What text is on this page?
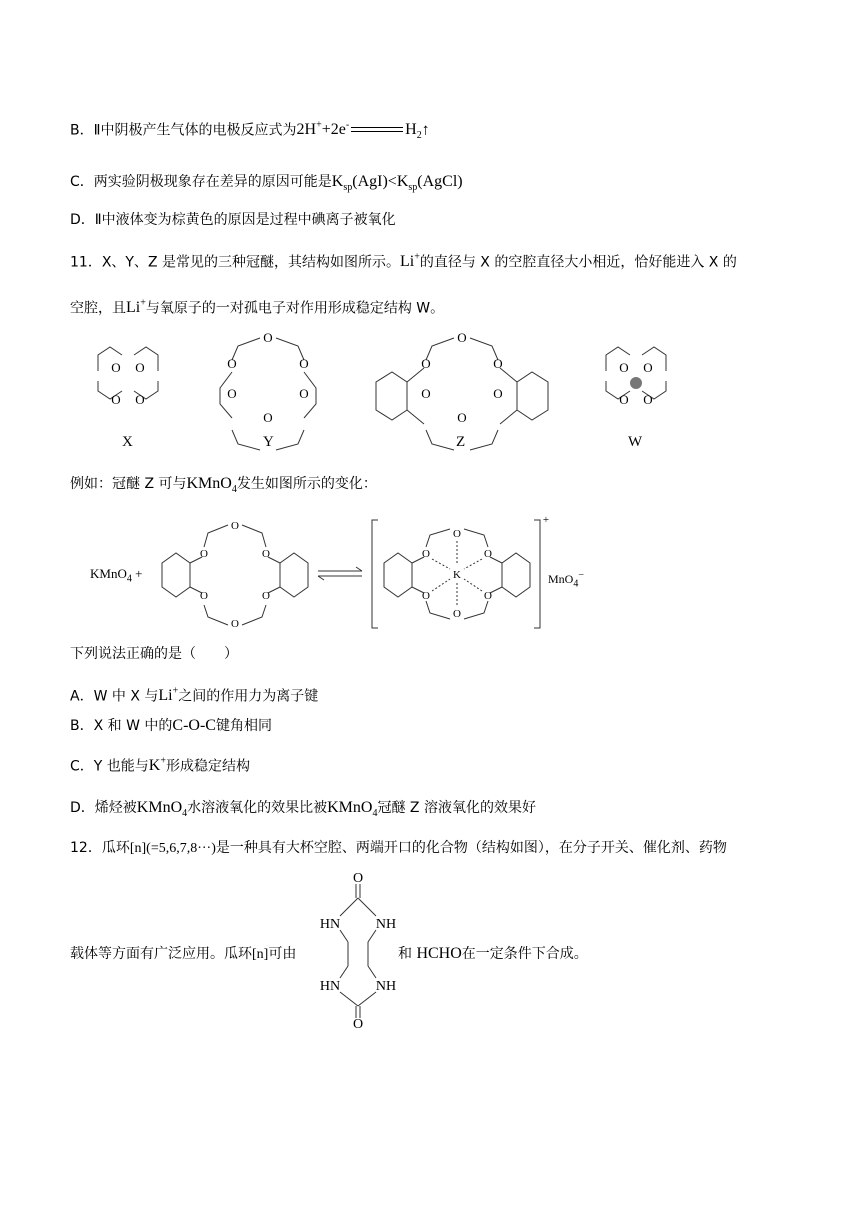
B．Ⅱ中阴极产生气体的电极反应式为2H++2e-	$H_2↑$
C．两实验阴极现象存在差异的原因可能是$K_{sp}(AgI)<K_{sp}(AgCl)$
D．Ⅱ中液体变为棕黄色的原因是过程中碘离子被氧化
11．X、Y、Z 是常见的三种冠醚，其结构如图所示。Li+的直径与 X 的空腔直径大小相近，恰好能进入 X 的
空腔，且Li+与氧原子的一对孤电子对作用形成稳定结构 W。
O O
O O
O
O	O
O	O
O
O
O	O
O	O
O
O O
O O
X	Y	Z	W
例如：冠醚 Z 可与KMnO$_4$发生如图所示的变化：
KMnO$_4$ +
O
O	O
O	O
O
O
O	O
O	O
O
K
+
MnO$_4$−
下列说法正确的是（　　）
A．W 中 X 与Li+之间的作用力为离子键
B．X 和 W 中的C-O-C键角相同
C．Y 也能与K+形成稳定结构
D．烯烃被KMnO$_4$水溶液氧化的效果比被KMnO$_4$冠醚 Z 溶液氧化的效果好
12．瓜环[n](=5,6,7,8···)是一种具有大杯空腔、两端开口的化合物（结构如图），在分子开关、催化剂、药物
O
HN	NH
HN	NH
O
载体等方面有广泛应用。瓜环[n]可由	和 HCHO在一定条件下合成。
